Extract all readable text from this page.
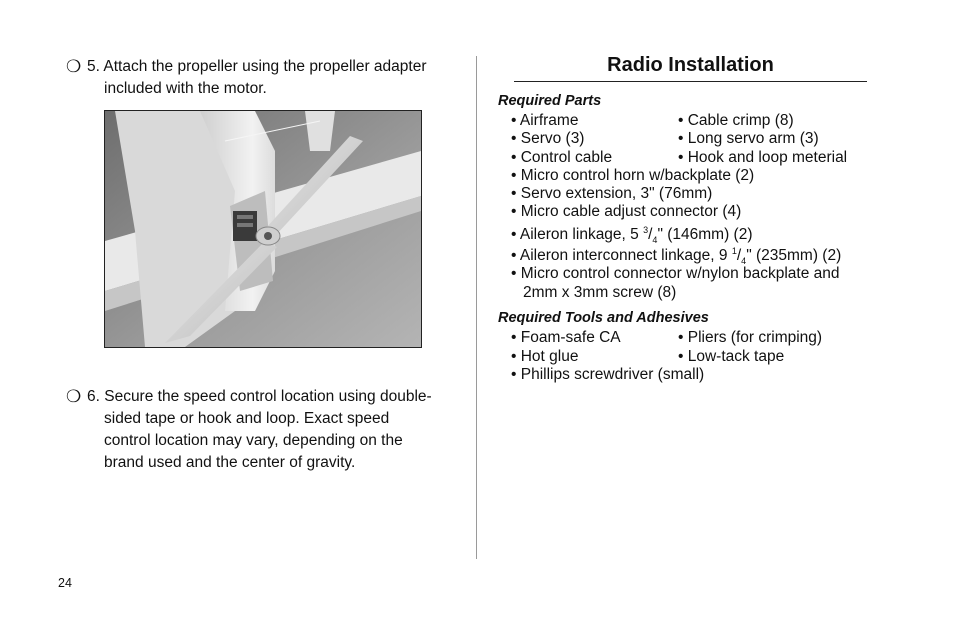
❍ 5. Attach the propeller using the propeller adapter included with the motor.
❍ 6. Secure the speed control location using double-sided tape or hook and loop. Exact speed control location may vary, depending on the brand used and the center of gravity.
Radio Installation
Required Parts
• Airframe	• Cable crimp (8)
• Servo (3)	• Long servo arm (3)
• Control cable	• Hook and loop meterial
• Micro control horn w/backplate (2)
• Servo extension, 3" (76mm)
• Micro cable adjust connector (4)
• Aileron linkage, 5 $^3/_4$" (146mm) (2)
• Aileron interconnect linkage, 9 $^1/_4$" (235mm) (2)
• Micro control connector w/nylon backplate and 2mm x 3mm screw (8)
Required Tools and Adhesives
• Foam-safe CA	• Pliers (for crimping)
• Hot glue	• Low-tack tape
• Phillips screwdriver (small)
24
